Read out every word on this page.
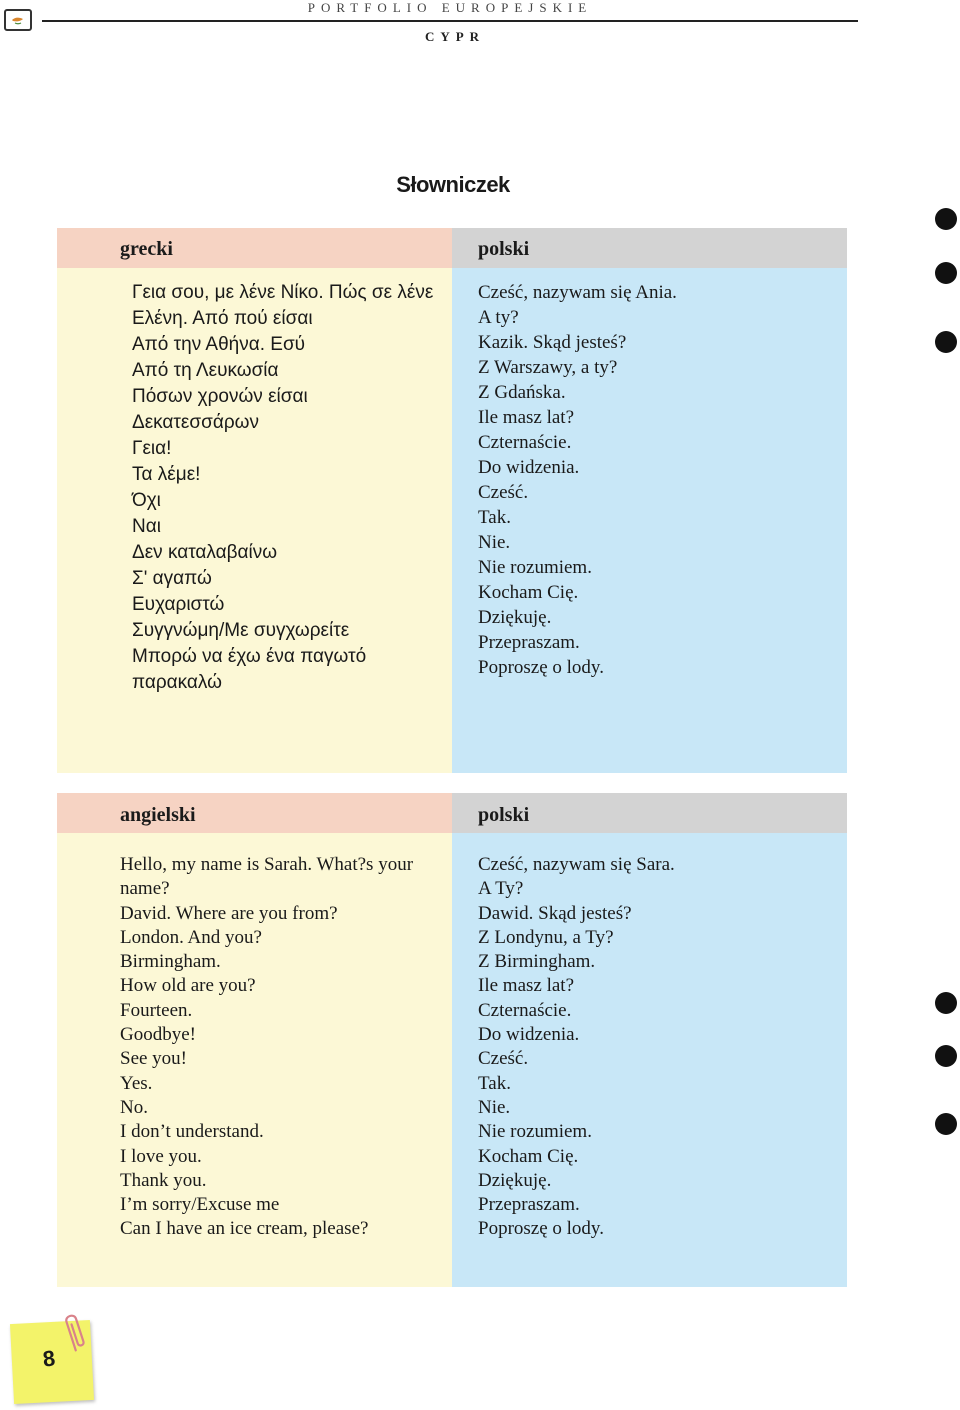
PORTFOLIO EUROPEJSKIE
CYPR
Słowniczek
grecki	polski
Γεια σου, με λένε Νίκο. Πώς σε λένε
Ελένη. Από πού είσαι
Από την Αθήνα. Εσύ
Από τη Λευκωσία
Πόσων χρονών είσαι
Δεκατεσσάρων
Γεια!
Τα λέμε!
Όχι
Ναι
Δεν καταλαβαίνω
Σ' αγαπώ
Ευχαριστώ
Συγγνώμη/Με συγχωρείτε
Μπορώ να έχω ένα παγωτό
παρακαλώ
Cześć, nazywam się Ania.
A ty?
Kazik. Skąd jesteś?
Z Warszawy, a ty?
Z Gdańska.
Ile masz lat?
Czternaście.
Do widzenia.
Cześć.
Tak.
Nie.
Nie rozumiem.
Kocham Cię.
Dziękuję.
Przepraszam.
Poproszę o lody.
angielski	polski
Hello, my name is Sarah. What?s your
name?
David. Where are you from?
London. And you?
Birmingham.
How old are you?
Fourteen.
Goodbye!
See you!
Yes.
No.
I don’t understand.
I love you.
Thank you.
I’m sorry/Excuse me
Can I have an ice cream, please?
Cześć, nazywam się Sara.
A Ty?
Dawid. Skąd jesteś?
Z Londynu, a Ty?
Z Birmingham.
Ile masz lat?
Czternaście.
Do widzenia.
Cześć.
Tak.
Nie.
Nie rozumiem.
Kocham Cię.
Dziękuję.
Przepraszam.
Poproszę o lody.
8
